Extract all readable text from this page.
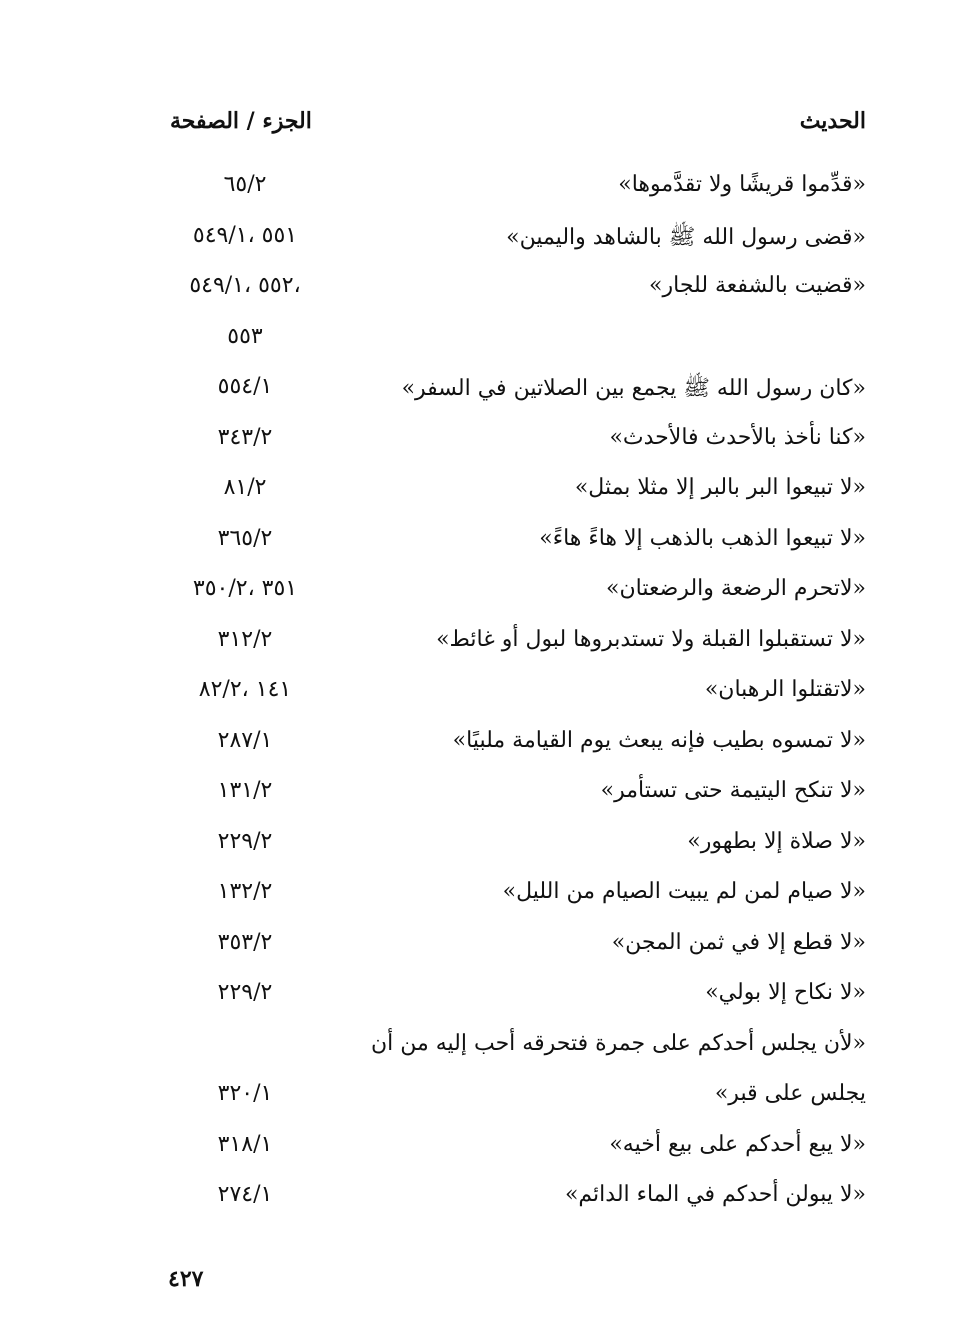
الحديث
الجزء / الصفحة
«قدِّموا قريشًا ولا تقدَّموها»
٦٥/٢
«قضى رسول الله ﷺ بالشاهد واليمين»
٥٥١ ،٥٤٩/١
«قضيت بالشفعة للجار»
،٥٥٢ ،٥٤٩/١
٥٥٣
«كان رسول الله ﷺ يجمع بين الصلاتين في السفر»
٥٥٤/١
«كنا نأخذ بالأحدث فالأحدث»
٣٤٣/٢
«لا تبيعوا البر بالبر إلا مثلا بمثل»
٨١/٢
«لا تبيعوا الذهب بالذهب إلا هاءً هاءً»
٣٦٥/٢
«لاتحرم الرضعة والرضعتان»
٣٥١ ،٣٥٠/٢
«لا تستقبلوا القبلة ولا تستدبروها لبول أو غائط»
٣١٢/٢
«لاتقتلوا الرهبان»
١٤١ ،٨٢/٢
«لا تمسوه بطيب فإنه يبعث يوم القيامة ملبيًا»
٢٨٧/١
«لا تنكح اليتيمة حتى تستأمر»
١٣١/٢
«لا صلاة إلا بطهور»
٢٢٩/٢
«لا صيام لمن لم يبيت الصيام من الليل»
١٣٢/٢
«لا قطع إلا في ثمن المجن»
٣٥٣/٢
«لا نكاح إلا بولي»
٢٢٩/٢
«لأن يجلس أحدكم على جمرة فتحرقه أحب إليه من أن
يجلس على قبر»
٣٢٠/١
«لا يبع أحدكم على بيع أخيه»
٣١٨/١
«لا يبولن أحدكم في الماء الدائم»
٢٧٤/١
٤٢٧
